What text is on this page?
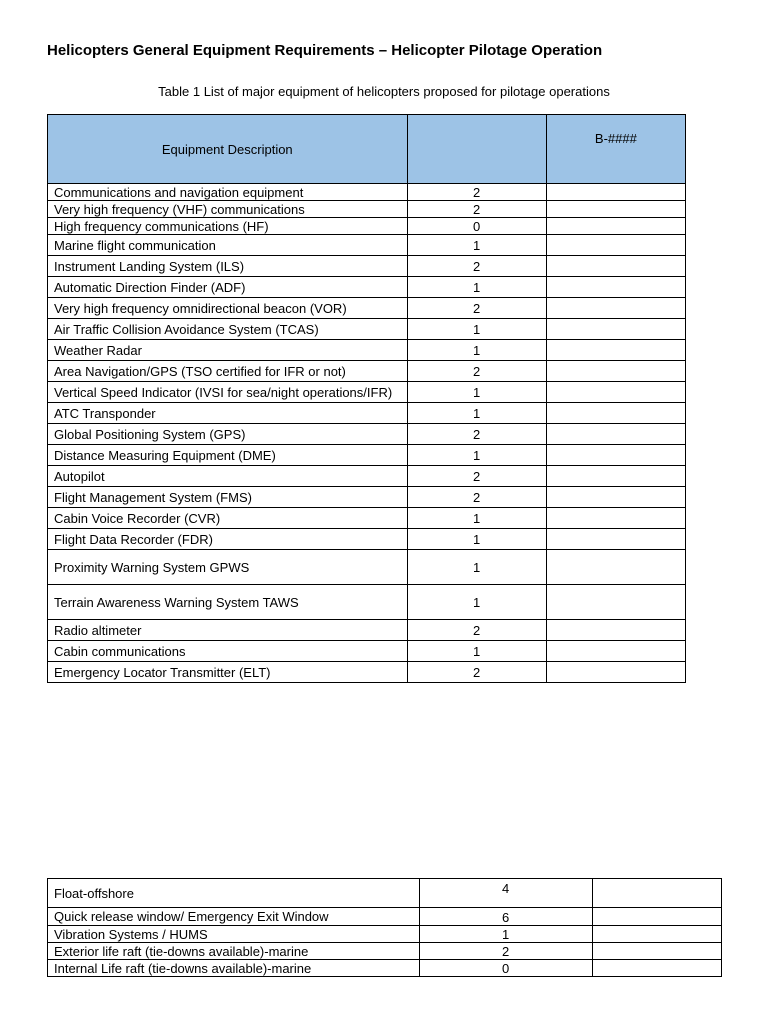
Helicopters General Equipment Requirements – Helicopter Pilotage Operation
Table 1 List of major equipment of helicopters proposed for pilotage operations
Equipment Description		B-####
Communications and navigation equipment	2	
Very high frequency (VHF) communications	2	
High frequency communications (HF)	0	
Marine flight communication	1	
Instrument Landing System (ILS)	2	
Automatic Direction Finder (ADF)	1	
Very high frequency omnidirectional beacon (VOR)	2	
Air Traffic Collision Avoidance System (TCAS)	1	
Weather Radar	1	
Area Navigation/GPS (TSO certified for IFR or not)	2	
Vertical Speed Indicator (IVSI for sea/night operations/IFR)	1	
ATC Transponder	1	
Global Positioning System (GPS)	2	
Distance Measuring Equipment (DME)	1	
Autopilot	2	
Flight Management System (FMS)	2	
Cabin Voice Recorder (CVR)	1	
Flight Data Recorder (FDR)	1	
Proximity Warning System GPWS	1	
Terrain Awareness Warning System TAWS	1	
Radio altimeter	2	
Cabin communications	1	
Emergency Locator Transmitter (ELT)	2	
Float-offshore	4	
Quick release window/ Emergency Exit Window	6	
Vibration Systems / HUMS	1	
Exterior life raft (tie-downs available)-marine	2	
Internal Life raft (tie-downs available)-marine	0	
